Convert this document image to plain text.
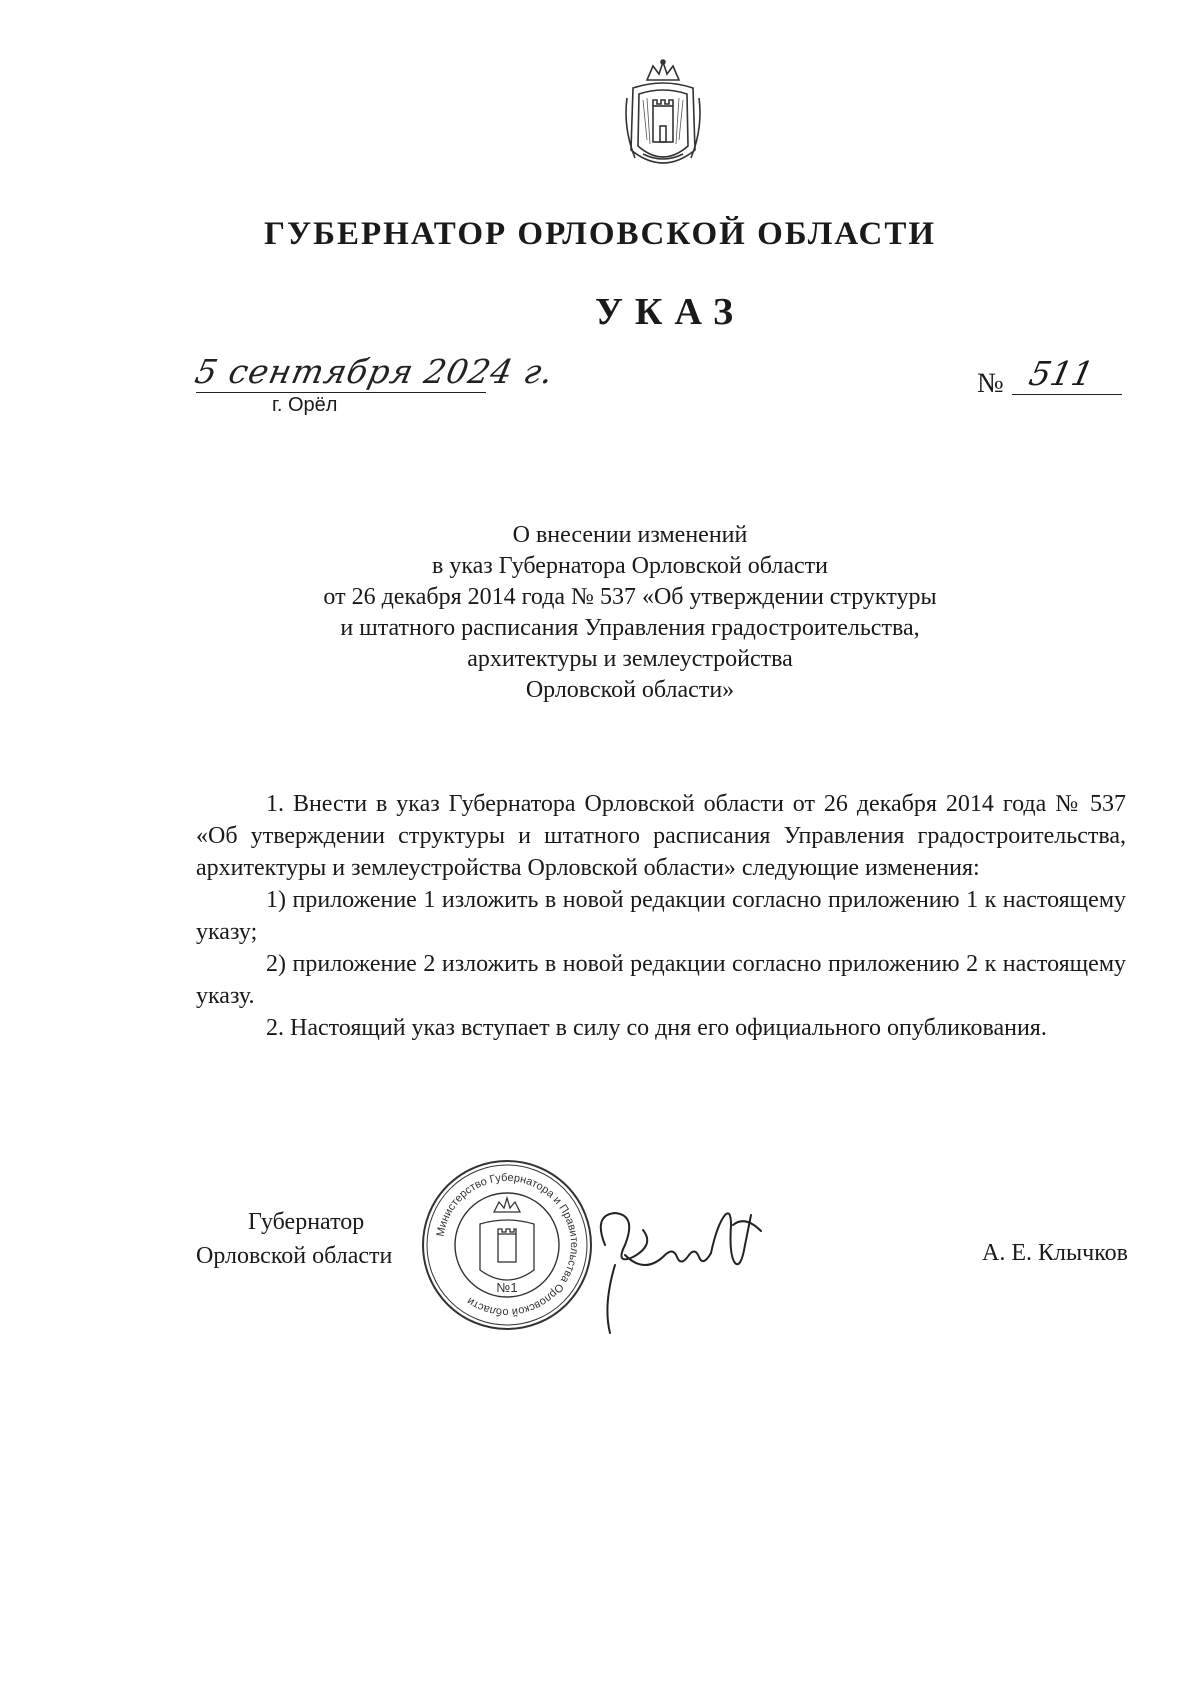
ГУБЕРНАТОР ОРЛОВСКОЙ ОБЛАСТИ
УКАЗ
5 сентября 2024 г.
г. Орёл
№ 511
О внесении изменений
в указ Губернатора Орловской области
от 26 декабря 2014 года № 537 «Об утверждении структуры
и штатного расписания Управления градостроительства,
архитектуры и землеустройства
Орловской области»

1. Внести в указ Губернатора Орловской области от 26 декабря 2014 года № 537 «Об утверждении структуры и штатного расписания Управления градостроительства, архитектуры и землеустройства Орловской области» следующие изменения:

1) приложение 1 изложить в новой редакции согласно приложению 1 к настоящему указу;

2) приложение 2 изложить в новой редакции согласно приложению 2 к настоящему указу.

2. Настоящий указ вступает в силу со дня его официального опубликования.

Губернатор
Орловской области
Министерство Губернатора и Правительства Орловской области
№1
А. Е. Клычков
